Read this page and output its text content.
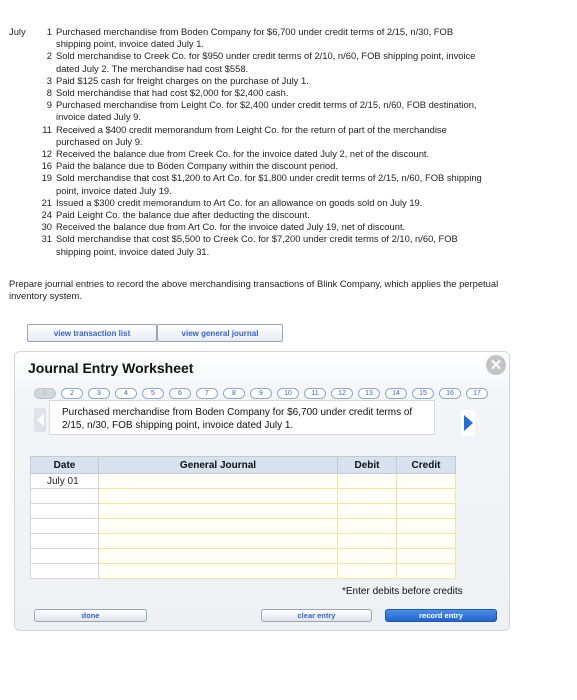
July	1 Purchased merchandise from Boden Company for $6,700 under credit terms of 2/15, n/30, FOB
shipping point, invoice dated July 1.
2 Sold merchandise to Creek Co. for $950 under credit terms of 2/10, n/60, FOB shipping point, invoice
dated July 2. The merchandise had cost $558.
3 Paid $125 cash for freight charges on the purchase of July 1.
8 Sold merchandise that had cost $2,000 for $2,400 cash.
9 Purchased merchandise from Leight Co. for $2,400 under credit terms of 2/15, n/60, FOB destination,
invoice dated July 9.
11 Received a $400 credit memorandum from Leight Co. for the return of part of the merchandise
purchased on July 9.
12 Received the balance due from Creek Co. for the invoice dated July 2, net of the discount.
16 Paid the balance due to Boden Company within the discount period.
19 Sold merchandise that cost $1,200 to Art Co. for $1,800 under credit terms of 2/15, n/60, FOB shipping
point, invoice dated July 19.
21 Issued a $300 credit memorandum to Art Co. for an allowance on goods sold on July 19.
24 Paid Leight Co. the balance due after deducting the discount.
30 Received the balance due from Art Co. for the invoice dated July 19, net of discount.
31 Sold merchandise that cost $5,500 to Creek Co. for $7,200 under credit terms of 2/10, n/60, FOB
shipping point, invoice dated July 31.
Prepare journal entries to record the above merchandising transactions of Blink Company, which applies the perpetual inventory system.
view transaction list	view general journal
Journal Entry Worksheet	✕
1	2	3	4	5	6	7	8	9	10	11	12	13	14	15	16	17
Purchased merchandise from Boden Company for $6,700 under credit terms of 2/15, n/30, FOB shipping point, invoice dated July 1.
Date	General Journal	Debit	Credit
July 01			

*Enter debits before credits
done	clear entry	record entry
